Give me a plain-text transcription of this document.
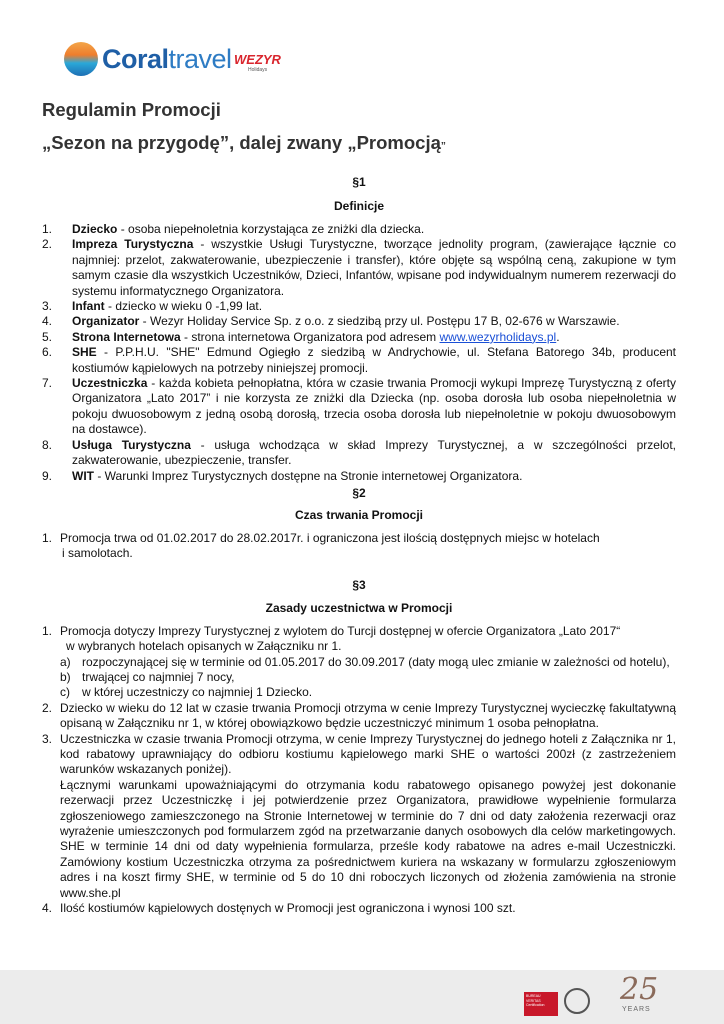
Coraltravel WEZYR
Holidays
Regulamin Promocji
„Sezon na przygodę”, dalej zwany „Promocją”
§1
Definicje
1. Dziecko - osoba niepełnoletnia korzystająca ze zniżki dla dziecka.
2. Impreza Turystyczna - wszystkie Usługi Turystyczne, tworzące jednolity program, (zawierające łącznie co najmniej: przelot, zakwaterowanie, ubezpieczenie i transfer), które objęte są wspólną ceną, zakupione w tym samym czasie dla wszystkich Uczestników, Dzieci, Infantów, wpisane pod indywidualnym numerem rezerwacji do systemu informatycznego Organizatora.
3. Infant - dziecko w wieku 0 -1,99 lat.
4. Organizator - Wezyr Holiday Service Sp. z o.o. z siedzibą przy ul. Postępu 17 B, 02-676 w Warszawie.
5. Strona Internetowa - strona internetowa Organizatora pod adresem www.wezyrholidays.pl.
6. SHE - P.P.H.U. "SHE" Edmund Ogiegło z siedzibą w Andrychowie, ul. Stefana Batorego 34b, producent kostiumów kąpielowych na potrzeby niniejszej promocji.
7. Uczestniczka - każda kobieta pełnopłatna, która w czasie trwania Promocji wykupi Imprezę Turystyczną z oferty Organizatora „Lato 2017” i nie korzysta ze zniżki dla Dziecka (np. osoba dorosła lub osoba niepełnoletnia w pokoju dwuosobowym z jedną osobą dorosłą, trzecia osoba dorosła lub niepełnoletnie w pokoju dwuosobowym na dostawce).
8. Usługa Turystyczna - usługa wchodząca w skład Imprezy Turystycznej, a w szczególności przelot, zakwaterowanie, ubezpieczenie, transfer.
9. WIT - Warunki Imprez Turystycznych dostępne na Stronie internetowej Organizatora.
§2
Czas trwania Promocji
1. Promocja trwa od 01.02.2017 do 28.02.2017r. i ograniczona jest ilością dostępnych miejsc w hotelach
i samolotach.
§3
Zasady uczestnictwa w Promocji
1. Promocja dotyczy Imprezy Turystycznej z wylotem do Turcji dostępnej w ofercie Organizatora „Lato 2017“
w wybranych hotelach opisanych w Załączniku nr 1.
a) rozpoczynającej się w terminie od 01.05.2017 do 30.09.2017 (daty mogą ulec zmianie w zależności od hotelu),
b) trwającej co najmniej 7 nocy,
c) w której uczestniczy co najmniej 1 Dziecko.
2. Dziecko w wieku do 12 lat w czasie trwania Promocji otrzyma w cenie Imprezy Turystycznej wycieczkę fakultatywną opisaną w Załączniku nr 1, w której obowiązkowo będzie uczestniczyć minimum 1 osoba pełnopłatna.
3. Uczestniczka w czasie trwania Promocji otrzyma, w cenie Imprezy Turystycznej do jednego hoteli z Załącznika nr 1, kod rabatowy uprawniający do odbioru kostiumu kąpielowego marki SHE o wartości 200zł (z zastrzeżeniem warunków wskazanych poniżej).
Łącznymi warunkami upoważniającymi do otrzymania kodu rabatowego opisanego powyżej jest dokonanie rezerwacji przez Uczestniczkę i jej potwierdzenie przez Organizatora, prawidłowe wypełnienie formularza zgłoszeniowego zamieszczonego na Stronie Internetowej w terminie do 7 dni od daty założenia rezerwacji oraz wyrażenie umieszczonych pod formularzem zgód na przetwarzanie danych osobowych dla celów marketingowych. SHE w terminie 14 dni od daty wypełnienia formularza, prześle kody rabatowe na adres e-mail Uczestniczki. Zamówiony kostium Uczestniczka otrzyma za pośrednictwem kuriera na wskazany w formularzu zgłoszeniowym adres i na koszt firmy SHE, w terminie od 5 do 10 dni roboczych liczonych od złożenia zamówienia na stronie www.she.pl
4. Ilość kostiumów kąpielowych dostęnych w Promocji jest ograniczona i wynosi 100 szt.
BUREAU VERITAS Certification	25
YEARS
